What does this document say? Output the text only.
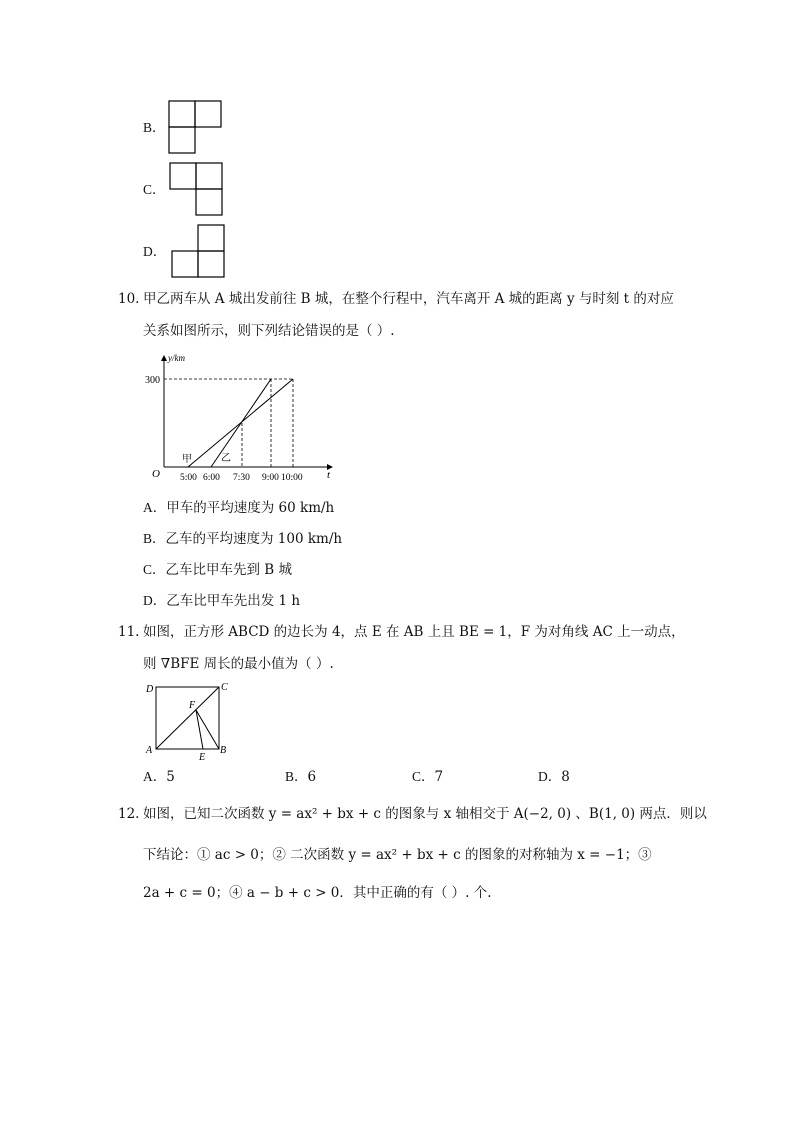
B．
C．
D．
10. 甲乙两车从 A 城出发前往 B 城，在整个行程中，汽车离开 A 城的距离 y 与时刻 t 的对应
关系如图所示，则下列结论错误的是（ ）.
y/km
t
O
300
5:00 6:00 7:30 9:00 10:00
甲	乙
A．甲车的平均速度为 60 km/h
B．乙车的平均速度为 100 km/h
C．乙车比甲车先到 B 城
D．乙车比甲车先出发 1 h
11. 如图，正方形 ABCD 的边长为 4，点 E 在 AB 上且 BE = 1，F 为对角线 AC 上一动点，
则 ∇BFE 周长的最小值为（ ）.
D	C
A	B
F
E
A．5	B．6	C．7	D．8
12. 如图，已知二次函数 y = ax² + bx + c 的图象与 x 轴相交于 A(−2, 0) 、B(1, 0) 两点．则以
下结论：① ac > 0；② 二次函数 y = ax² + bx + c 的图象的对称轴为 x = −1；③
2a + c = 0；④ a − b + c > 0．其中正确的有（ ）. 个.
